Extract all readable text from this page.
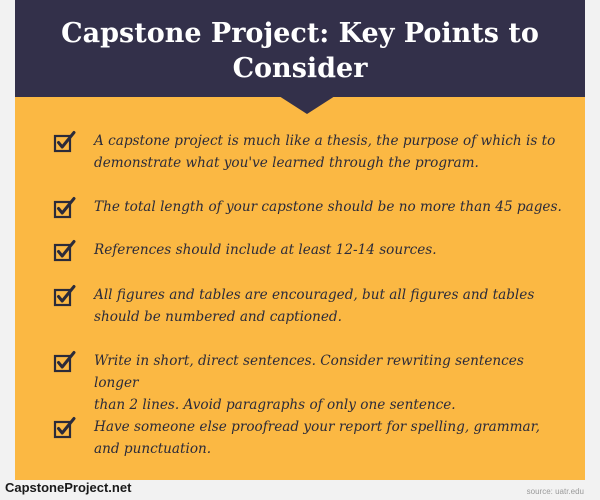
Capstone Project: Key Points to
Consider

A capstone project is much like a thesis, the purpose of which is to
demonstrate what you've learned through the program.

The total length of your capstone should be no more than 45 pages.

References should include at least 12-14 sources.

All figures and tables are encouraged, but all figures and tables
should be numbered and captioned.

Write in short, direct sentences. Consider rewriting sentences longer
than 2 lines. Avoid paragraphs of only one sentence.

Have someone else proofread your report for spelling, grammar,
and punctuation.

CapstoneProject.net	source: uatr.edu
